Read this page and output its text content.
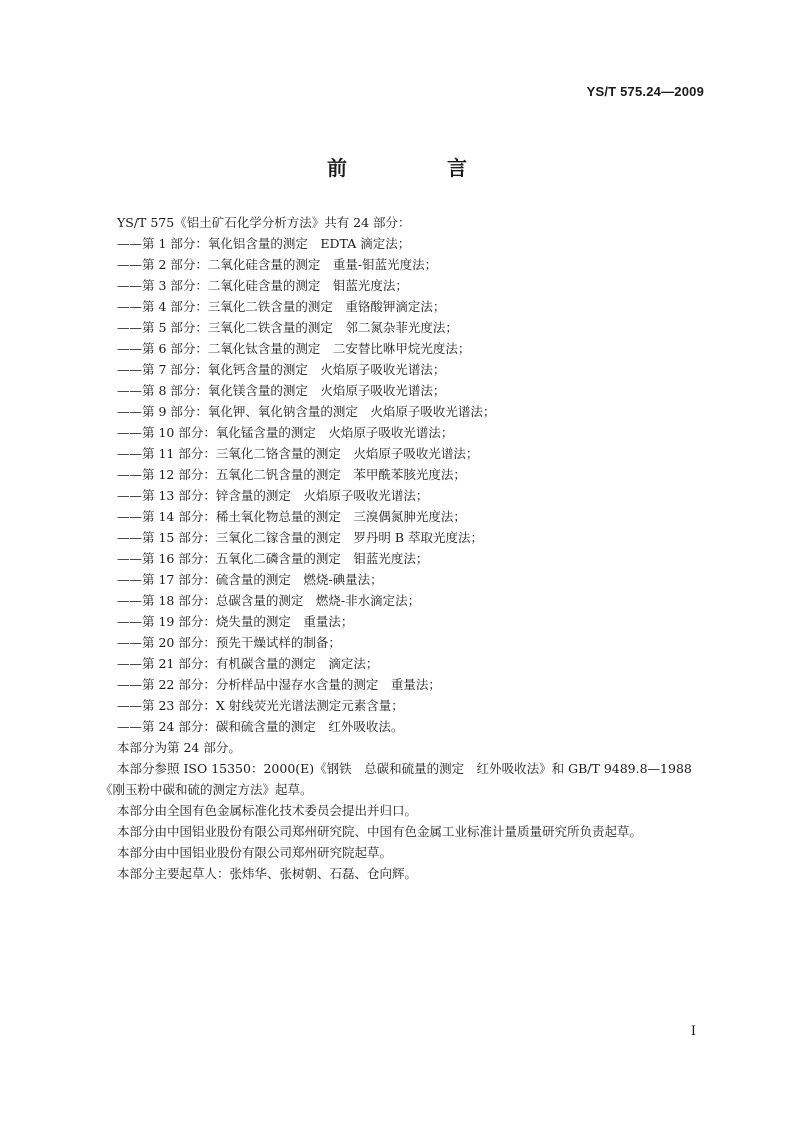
YS/T 575.24—2009
前　言
YS/T 575《铝土矿石化学分析方法》共有 24 部分：
——第 1 部分：氧化铝含量的测定　EDTA 滴定法；
——第 2 部分：二氧化硅含量的测定　重量-钼蓝光度法；
——第 3 部分：二氧化硅含量的测定　钼蓝光度法；
——第 4 部分：三氧化二铁含量的测定　重铬酸钾滴定法；
——第 5 部分：三氧化二铁含量的测定　邻二氮杂菲光度法；
——第 6 部分：二氧化钛含量的测定　二安替比咻甲烷光度法；
——第 7 部分：氧化钙含量的测定　火焰原子吸收光谱法；
——第 8 部分：氧化镁含量的测定　火焰原子吸收光谱法；
——第 9 部分：氧化钾、氧化钠含量的测定　火焰原子吸收光谱法；
——第 10 部分：氧化锰含量的测定　火焰原子吸收光谱法；
——第 11 部分：三氧化二铬含量的测定　火焰原子吸收光谱法；
——第 12 部分：五氧化二钒含量的测定　苯甲酰苯胲光度法；
——第 13 部分：锌含量的测定　火焰原子吸收光谱法；
——第 14 部分：稀土氧化物总量的测定　三溴偶氮胂光度法；
——第 15 部分：三氧化二镓含量的测定　罗丹明 B 萃取光度法；
——第 16 部分：五氧化二磷含量的测定　钼蓝光度法；
——第 17 部分：硫含量的测定　燃烧-碘量法；
——第 18 部分：总碳含量的测定　燃烧-非水滴定法；
——第 19 部分：烧失量的测定　重量法；
——第 20 部分：预先干燥试样的制备；
——第 21 部分：有机碳含量的测定　滴定法；
——第 22 部分：分析样品中湿存水含量的测定　重量法；
——第 23 部分：X 射线荧光光谱法测定元素含量；
——第 24 部分：碳和硫含量的测定　红外吸收法。
本部分为第 24 部分。
本部分参照 ISO 15350：2000(E)《钢铁　总碳和硫量的测定　红外吸收法》和 GB/T 9489.8—1988
《刚玉粉中碳和硫的测定方法》起草。
本部分由全国有色金属标准化技术委员会提出并归口。
本部分由中国铝业股份有限公司郑州研究院、中国有色金属工业标准计量质量研究所负责起草。
本部分由中国铝业股份有限公司郑州研究院起草。
本部分主要起草人：张炜华、张树朝、石磊、仓向辉。
I
